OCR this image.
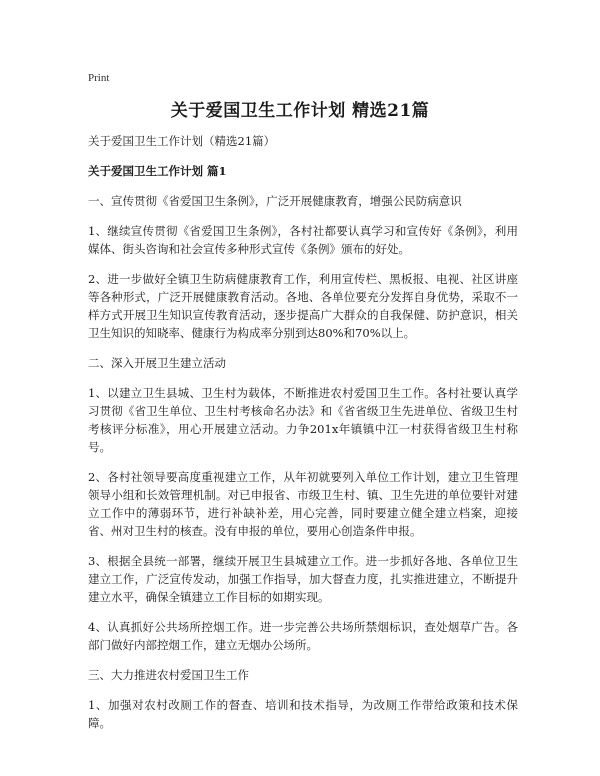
Print
关于爱国卫生工作计划 精选21篇

关于爱国卫生工作计划（精选21篇）

关于爱国卫生工作计划 篇1

一、宣传贯彻《省爱国卫生条例》，广泛开展健康教育，增强公民防病意识

1、继续宣传贯彻《省爱国卫生条例》，各村社都要认真学习和宣传好《条例》，利用媒体、街头咨询和社会宣传多种形式宣传《条例》颁布的好处。

2、进一步做好全镇卫生防病健康教育工作，利用宣传栏、黑板报、电视、社区讲座等各种形式，广泛开展健康教育活动。各地、各单位要充分发挥自身优势，采取不一样方式开展卫生知识宣传教育活动，逐步提高广大群众的自我保健、防护意识，相关卫生知识的知晓率、健康行为构成率分别到达80%和70%以上。

二、深入开展卫生建立活动

1、以建立卫生县城、卫生村为载体，不断推进农村爱国卫生工作。各村社要认真学习贯彻《省卫生单位、卫生村考核命名办法》和《省省级卫生先进单位、省级卫生村考核评分标准》，用心开展建立活动。力争201x年镇镇中江一村获得省级卫生村称号。

2、各村社领导要高度重视建立工作，从年初就要列入单位工作计划，建立卫生管理领导小组和长效管理机制。对已申报省、市级卫生村、镇、卫生先进的单位要针对建立工作中的薄弱环节，进行补缺补差，用心完善，同时要建立健全建立档案，迎接省、州对卫生村的核查。没有申报的单位，要用心创造条件申报。

3、根据全县统一部署，继续开展卫生县城建立工作。进一步抓好各地、各单位卫生建立工作，广泛宣传发动，加强工作指导，加大督查力度，扎实推进建立，不断提升建立水平，确保全镇建立工作目标的如期实现。

4、认真抓好公共场所控烟工作。进一步完善公共场所禁烟标识，查处烟草广告。各部门做好内部控烟工作，建立无烟办公场所。

三、大力推进农村爱国卫生工作

1、加强对农村改厕工作的督查、培训和技术指导，为改厕工作带给政策和技术保障。
